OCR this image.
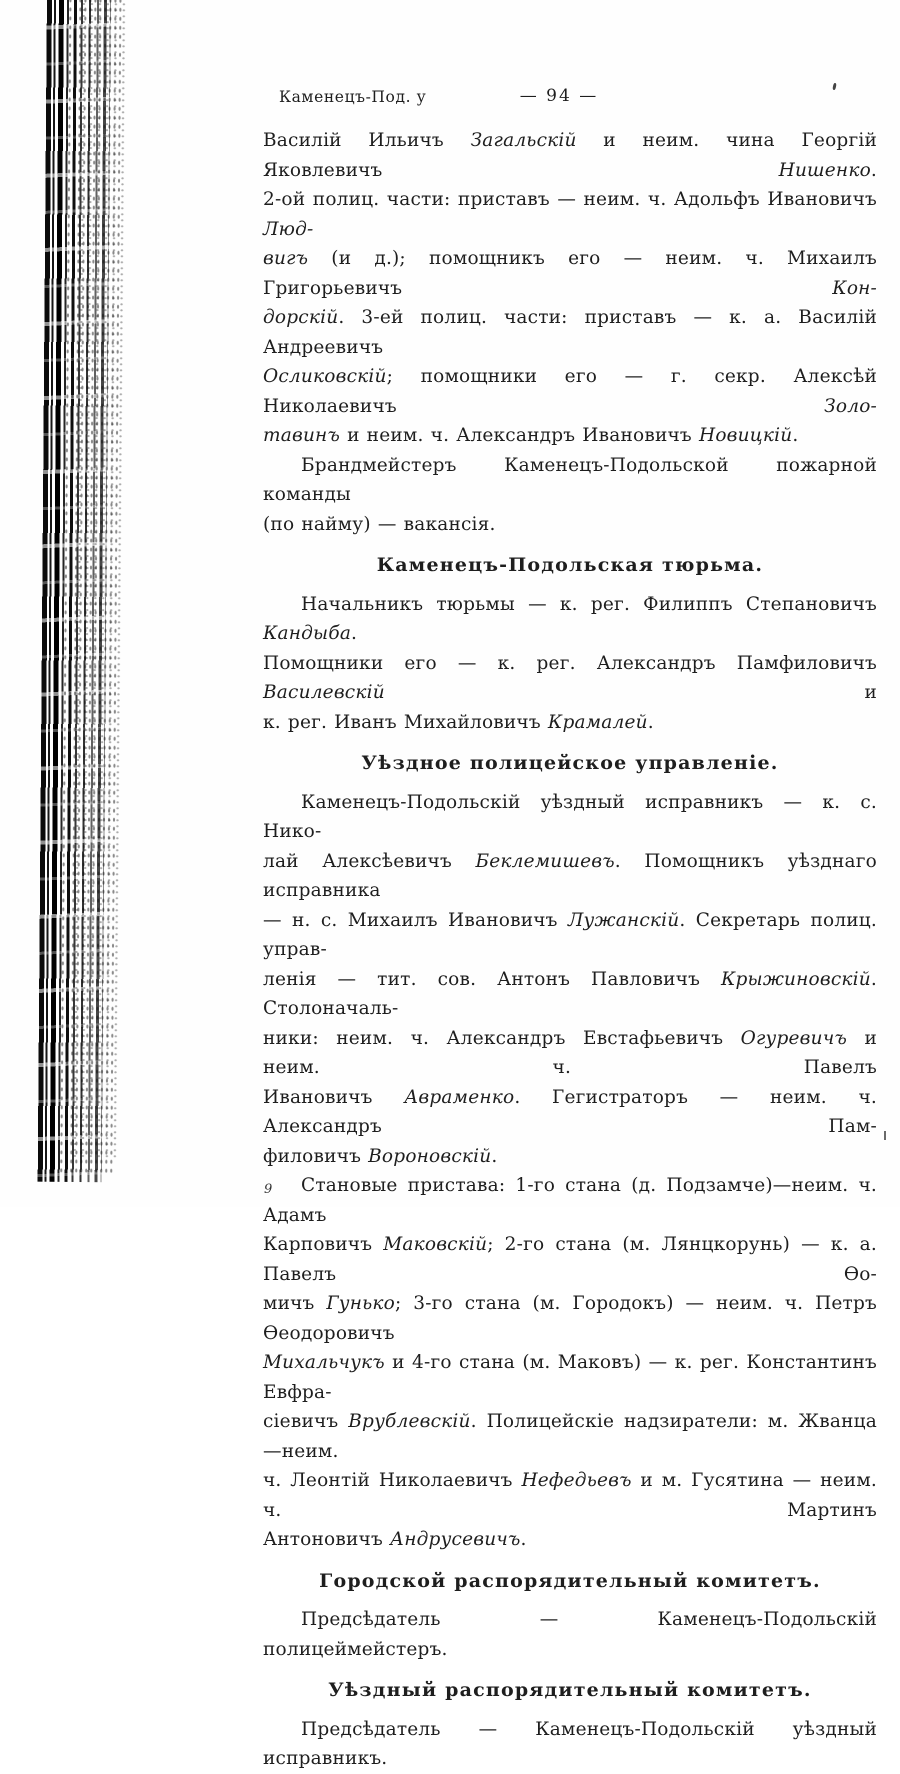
Каменецъ-Под. у	— 94 —
Василій Ильичъ Загальскій и неим. чина Георгій Яковлевичъ Нишенко.
2-ой полиц. части: приставъ — неим. ч. Адольфъ Ивановичъ Люд-
вигъ (и д.); помощникъ его — неим. ч. Михаилъ Григорьевичъ Кон-
дорскій. 3-ей полиц. части: приставъ — к. а. Василій Андреевичъ
Осликовскій; помощники его — г. секр. Алексѣй Николаевичъ Золо-
тавинъ и неим. ч. Александръ Ивановичъ Новицкій.
Брандмейстеръ Каменецъ-Подольской пожарной команды
(по найму) — вакансія.
Каменецъ-Подольская тюрьма.
Начальникъ тюрьмы — к. рег. Филиппъ Степановичъ Кандыба.
Помощники его — к. рег. Александръ Памфиловичъ Василевскій и
к. рег. Иванъ Михайловичъ Крамалей.
Уѣздное полицейское управленіе.
Каменецъ-Подольскій уѣздный исправникъ — к. с. Нико-
лай Алексѣевичъ Беклемишевъ. Помощникъ уѣзднаго исправника
— н. с. Михаилъ Ивановичъ Лужанскій. Секретарь полиц. управ-
ленія — тит. сов. Антонъ Павловичъ Крыжиновскій. Столоначаль-
ники: неим. ч. Александръ Евстафьевичъ Огуревичъ и неим. ч. Павелъ
Ивановичъ Авраменко. Гегистраторъ — неим. ч. Александръ Пам-
филовичъ Вороновскій.
9 Становые пристава: 1-го стана (д. Подзамче)—неим. ч. Адамъ
Карповичъ Маковскій; 2-го стана (м. Лянцкорунь) — к. а. Павелъ Ѳо-
мичъ Гунько; 3-го стана (м. Городокъ) — неим. ч. Петръ Ѳеодоровичъ
Михальчукъ и 4-го стана (м. Маковъ) — к. рег. Константинъ Евфра-
сіевичъ Врублевскій. Полицейскіе надзиратели: м. Жванца—неим.
ч. Леонтій Николаевичъ Нефедьевъ и м. Гусятина — неим. ч. Мартинъ
Антоновичъ Андрусевичъ.
Городской распорядительный комитетъ.
Предсѣдатель — Каменецъ-Подольскій полицеймейстеръ.
Уѣздный распорядительный комитетъ.
Предсѣдатель — Каменецъ-Подольскій уѣздный исправникъ.
